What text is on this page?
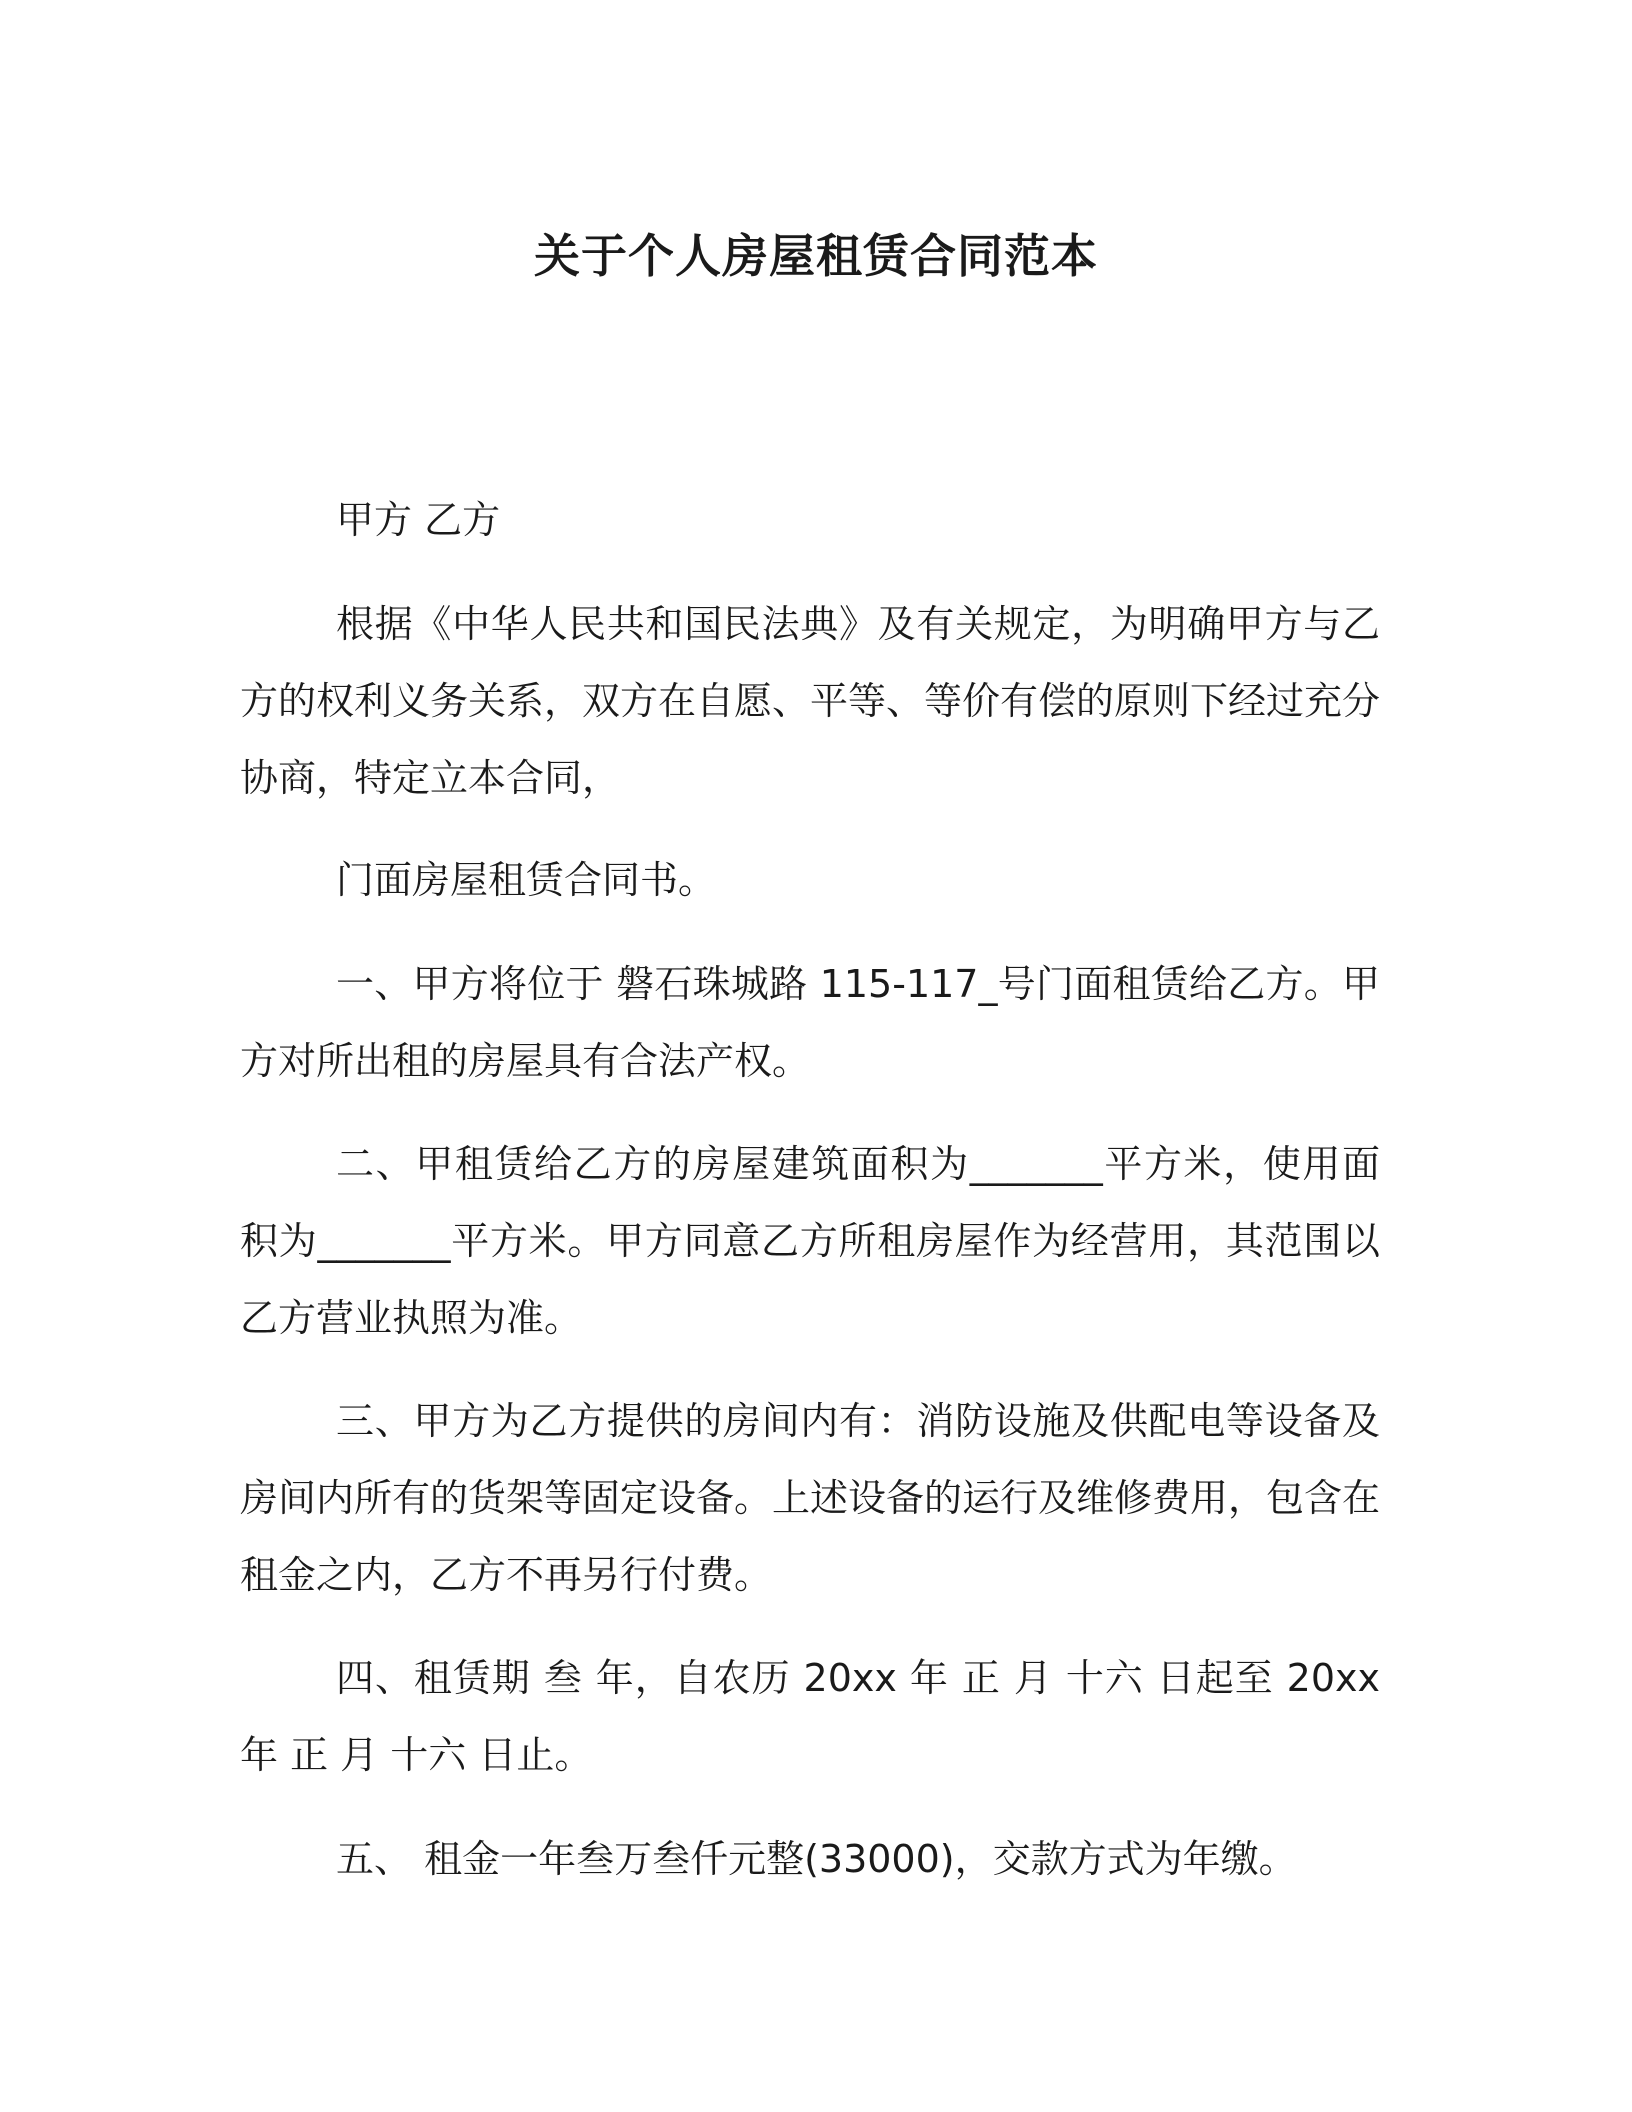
关于个人房屋租赁合同范本

甲方 乙方

根据《中华人民共和国民法典》及有关规定，为明确甲方与乙方的权利义务关系，双方在自愿、平等、等价有偿的原则下经过充分协商，特定立本合同，

门面房屋租赁合同书。

一、甲方将位于 磐石珠城路 115-117_号门面租赁给乙方。甲方对所出租的房屋具有合法产权。

二、甲租赁给乙方的房屋建筑面积为_______平方米，使用面积为_______平方米。甲方同意乙方所租房屋作为经营用，其范围以乙方营业执照为准。

三、甲方为乙方提供的房间内有：消防设施及供配电等设备及房间内所有的货架等固定设备。上述设备的运行及维修费用，包含在租金之内，乙方不再另行付费。

四、租赁期 叁 年，自农历 20xx 年 正 月 十六 日起至 20xx 年 正 月 十六 日止。

五、 租金一年叁万叁仟元整(33000)，交款方式为年缴。
